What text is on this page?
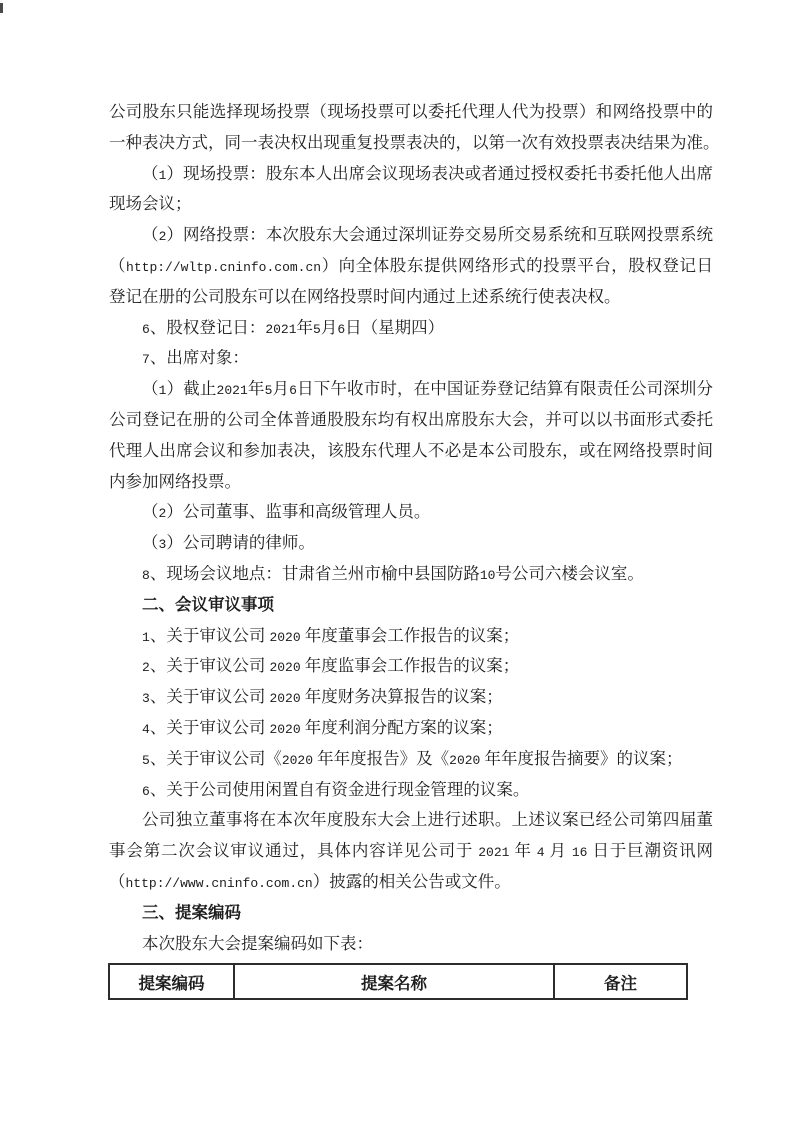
公司股东只能选择现场投票（现场投票可以委托代理人代为投票）和网络投票中的
一种表决方式，同一表决权出现重复投票表决的，以第一次有效投票表决结果为准。
（1）现场投票：股东本人出席会议现场表决或者通过授权委托书委托他人出席
现场会议；
（2）网络投票：本次股东大会通过深圳证券交易所交易系统和互联网投票系统
（http://wltp.cninfo.com.cn）向全体股东提供网络形式的投票平台，股权登记日
登记在册的公司股东可以在网络投票时间内通过上述系统行使表决权。
6、股权登记日：2021年5月6日（星期四）
7、出席对象：
（1）截止2021年5月6日下午收市时，在中国证券登记结算有限责任公司深圳分
公司登记在册的公司全体普通股股东均有权出席股东大会，并可以以书面形式委托
代理人出席会议和参加表决，该股东代理人不必是本公司股东，或在网络投票时间
内参加网络投票。
（2）公司董事、监事和高级管理人员。
（3）公司聘请的律师。
8、现场会议地点：甘肃省兰州市榆中县国防路10号公司六楼会议室。
二、会议审议事项
1、关于审议公司 2020 年度董事会工作报告的议案；
2、关于审议公司 2020 年度监事会工作报告的议案；
3、关于审议公司 2020 年度财务决算报告的议案；
4、关于审议公司 2020 年度利润分配方案的议案；
5、关于审议公司《2020 年年度报告》及《2020 年年度报告摘要》的议案；
6、关于公司使用闲置自有资金进行现金管理的议案。
公司独立董事将在本次年度股东大会上进行述职。上述议案已经公司第四届董
事会第二次会议审议通过，具体内容详见公司于 2021 年 4 月 16 日于巨潮资讯网
（http://www.cninfo.com.cn）披露的相关公告或文件。
三、提案编码
本次股东大会提案编码如下表：
提案编码	提案名称	备注
